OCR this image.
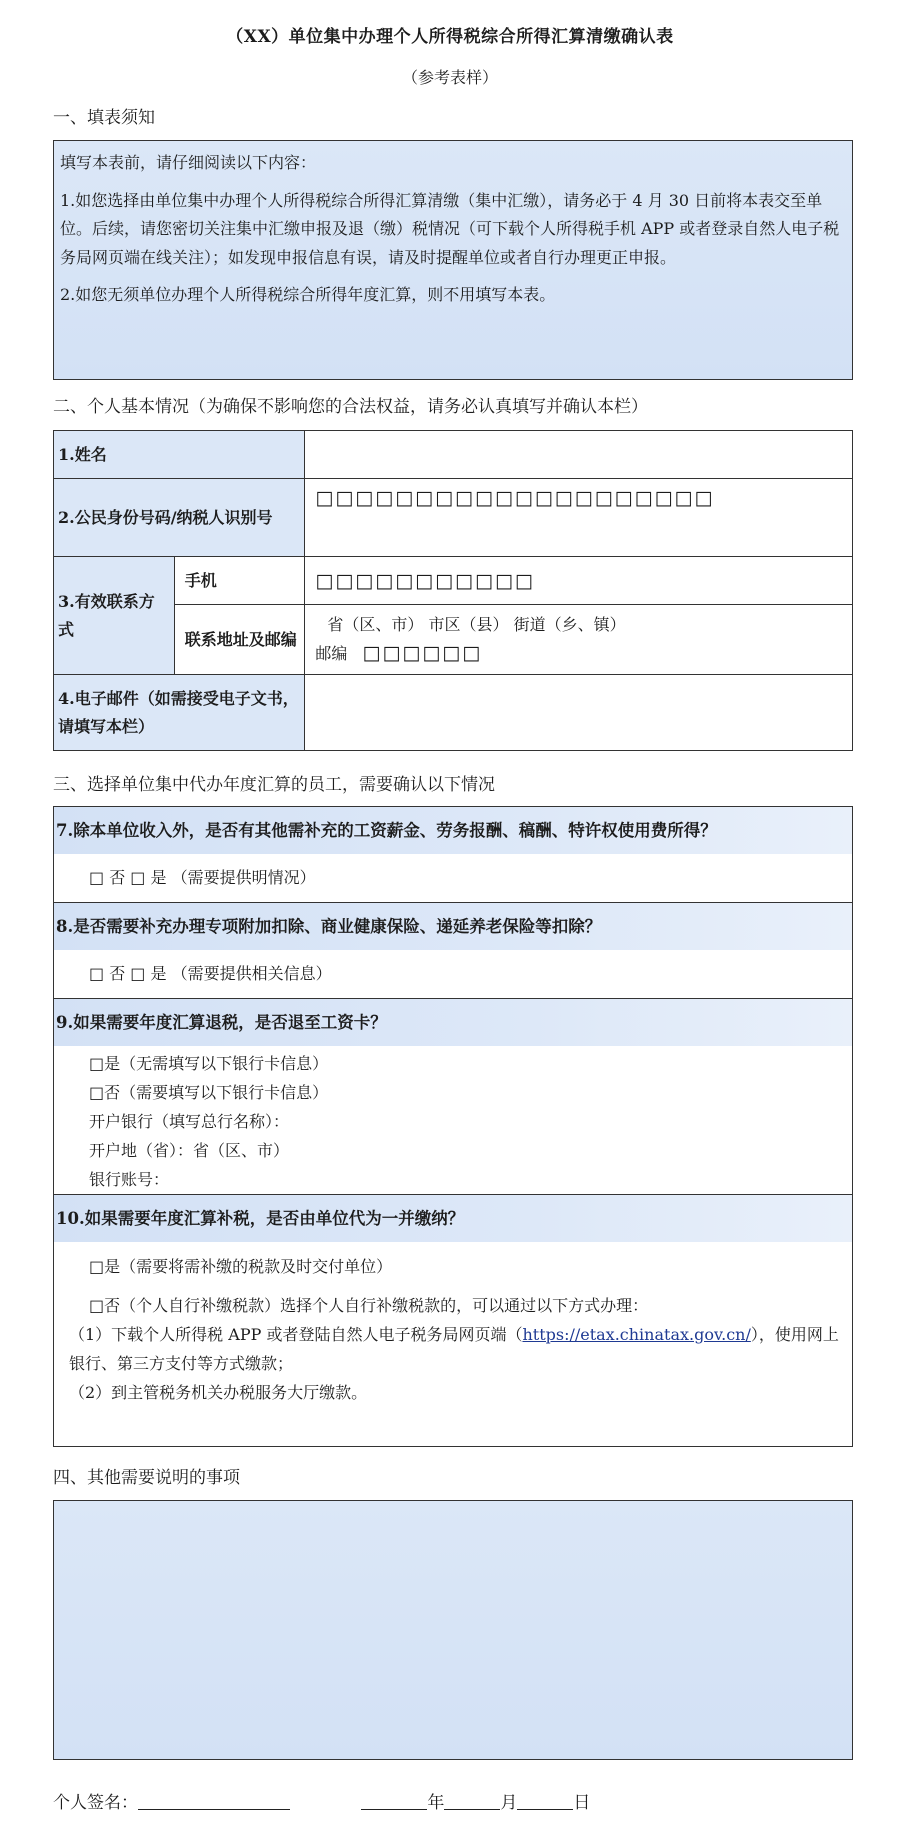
（XX）单位集中办理个人所得税综合所得汇算清缴确认表
（参考表样）
一、填表须知

填写本表前，请仔细阅读以下内容：

1.如您选择由单位集中办理个人所得税综合所得汇算清缴（集中汇缴），请务必于 4 月 30 日前将本表交至单位。后续，请您密切关注集中汇缴申报及退（缴）税情况（可下载个人所得税手机 APP 或者登录自然人电子税务局网页端在线关注）；如发现申报信息有误，请及时提醒单位或者自行办理更正申报。

2.如您无须单位办理个人所得税综合所得年度汇算，则不用填写本表。

二、个人基本情况（为确保不影响您的合法权益，请务必认真填写并确认本栏）
1.姓名		
2.公民身份号码/纳税人识别号		□□□□□□□□□□□□□□□□□□□□
3.有效联系方式	手机	□□□□□□□□□□□
	联系地址及邮编	省（区、市） 市区（县） 街道（乡、镇）
邮编 □□□□□□

4.电子邮件（如需接受电子文书，请填写本栏）		
三、选择单位集中代办年度汇算的员工，需要确认以下情况
7.除本单位收入外，是否有其他需补充的工资薪金、劳务报酬、稿酬、特许权使用费所得？
□ 否 □ 是 （需要提供明情况）
8.是否需要补充办理专项附加扣除、商业健康保险、递延养老保险等扣除？
□ 否 □ 是 （需要提供相关信息）
9.如果需要年度汇算退税，是否退至工资卡？
□是（无需填写以下银行卡信息）
□否（需要填写以下银行卡信息）
开户银行（填写总行名称）：
开户地（省）：省（区、市）
银行账号：
10.如果需要年度汇算补税，是否由单位代为一并缴纳？
□是（需要将需补缴的税款及时交付单位）
□否（个人自行补缴税款）选择个人自行补缴税款的，可以通过以下方式办理：
（1）下载个人所得税 APP 或者登陆自然人电子税务局网页端（https://etax.chinatax.gov.cn/），使用网上银行、第三方支付等方式缴款；
（2）到主管税务机关办税服务大厅缴款。
四、其他需要说明的事项
个人签名：	年	月	日
